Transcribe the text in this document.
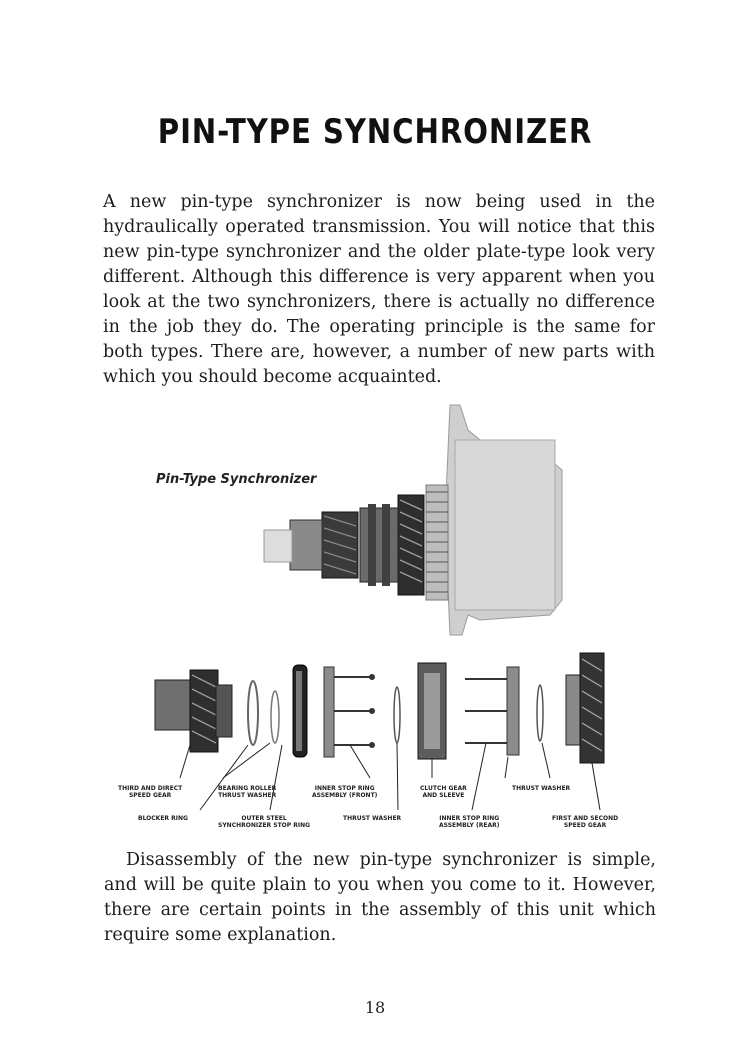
PIN-TYPE SYNCHRONIZER

A new pin-type synchronizer is now being used in the hydraulically operated transmission. You will notice that this new pin-type synchronizer and the older plate-type look very different. Although this difference is very apparent when you look at the two synchronizers, there is actually no difference in the job they do. The operating principle is the same for both types. There are, however, a number of new parts with which you should become acquainted.

Pin-Type Synchronizer
THIRD AND DIRECT
SPEED GEAR
BLOCKER RING
BEARING ROLLER
THRUST WASHER
OUTER STEEL
SYNCHRONIZER STOP RING
INNER STOP RING
ASSEMBLY (FRONT)
THRUST WASHER
CLUTCH GEAR
AND SLEEVE
INNER STOP RING
ASSEMBLY (REAR)
THRUST WASHER
FIRST AND SECOND
SPEED GEAR

Disassembly of the new pin-type synchronizer is simple, and will be quite plain to you when you come to it. However, there are certain points in the assembly of this unit which require some explanation.

18
